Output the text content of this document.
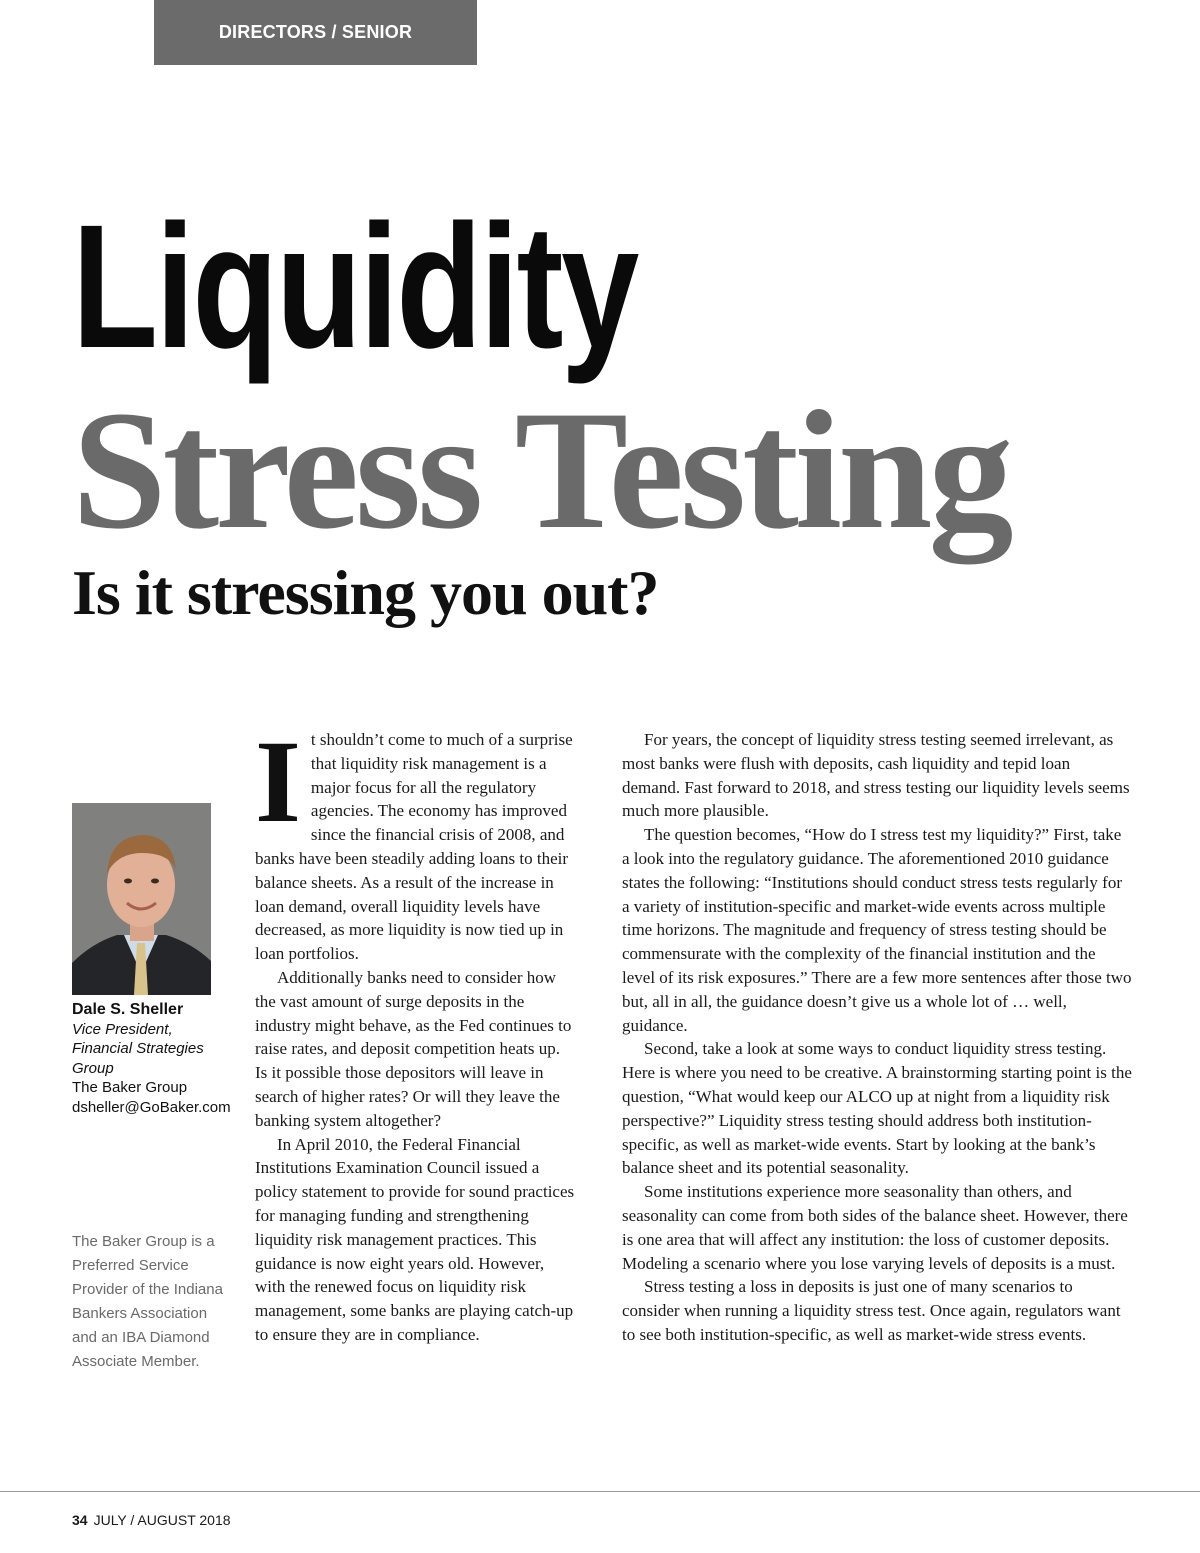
DIRECTORS / SENIOR MANAGEMENT
Liquidity
Stress Testing
Is it stressing you out?
Dale S. Sheller
Vice President, Financial Strategies Group
The Baker Group
dsheller@GoBaker.com
The Baker Group is a Preferred Service Provider of the Indiana Bankers Association and an IBA Diamond Associate Member.

It shouldn’t come to much of a surprise that liquidity risk management is a major focus for all the regulatory agencies. The economy has improved since the financial crisis of 2008, and banks have been steadily adding loans to their balance sheets. As a result of the increase in loan demand, overall liquidity levels have decreased, as more liquidity is now tied up in loan portfolios.

Additionally banks need to consider how the vast amount of surge deposits in the industry might behave, as the Fed continues to raise rates, and deposit competition heats up. Is it possible those depositors will leave in search of higher rates? Or will they leave the banking system altogether?

In April 2010, the Federal Financial Institutions Examination Council issued a policy statement to provide for sound practices for managing funding and strengthening liquidity risk management practices. This guidance is now eight years old. However, with the renewed focus on liquidity risk management, some banks are playing catch-up to ensure they are in compliance.

For years, the concept of liquidity stress testing seemed irrelevant, as most banks were flush with deposits, cash liquidity and tepid loan demand. Fast forward to 2018, and stress testing our liquidity levels seems much more plausible.

The question becomes, “How do I stress test my liquidity?” First, take a look into the regulatory guidance. The aforementioned 2010 guidance states the following: “Institutions should conduct stress tests regularly for a variety of institution-specific and market-wide events across multiple time horizons. The magnitude and frequency of stress testing should be commensurate with the complexity of the financial institution and the level of its risk exposures.” There are a few more sentences after those two but, all in all, the guidance doesn’t give us a whole lot of … well, guidance.

Second, take a look at some ways to conduct liquidity stress testing. Here is where you need to be creative. A brainstorming starting point is the question, “What would keep our ALCO up at night from a liquidity risk perspective?” Liquidity stress testing should address both institution-specific, as well as market-wide events. Start by looking at the bank’s balance sheet and its potential seasonality.

Some institutions experience more seasonality than others, and seasonality can come from both sides of the balance sheet. However, there is one area that will affect any institution: the loss of customer deposits. Modeling a scenario where you lose varying levels of deposits is a must.

Stress testing a loss in deposits is just one of many scenarios to consider when running a liquidity stress test. Once again, regulators want to see both institution-specific, as well as market-wide stress events.

34 JULY / AUGUST 2018
